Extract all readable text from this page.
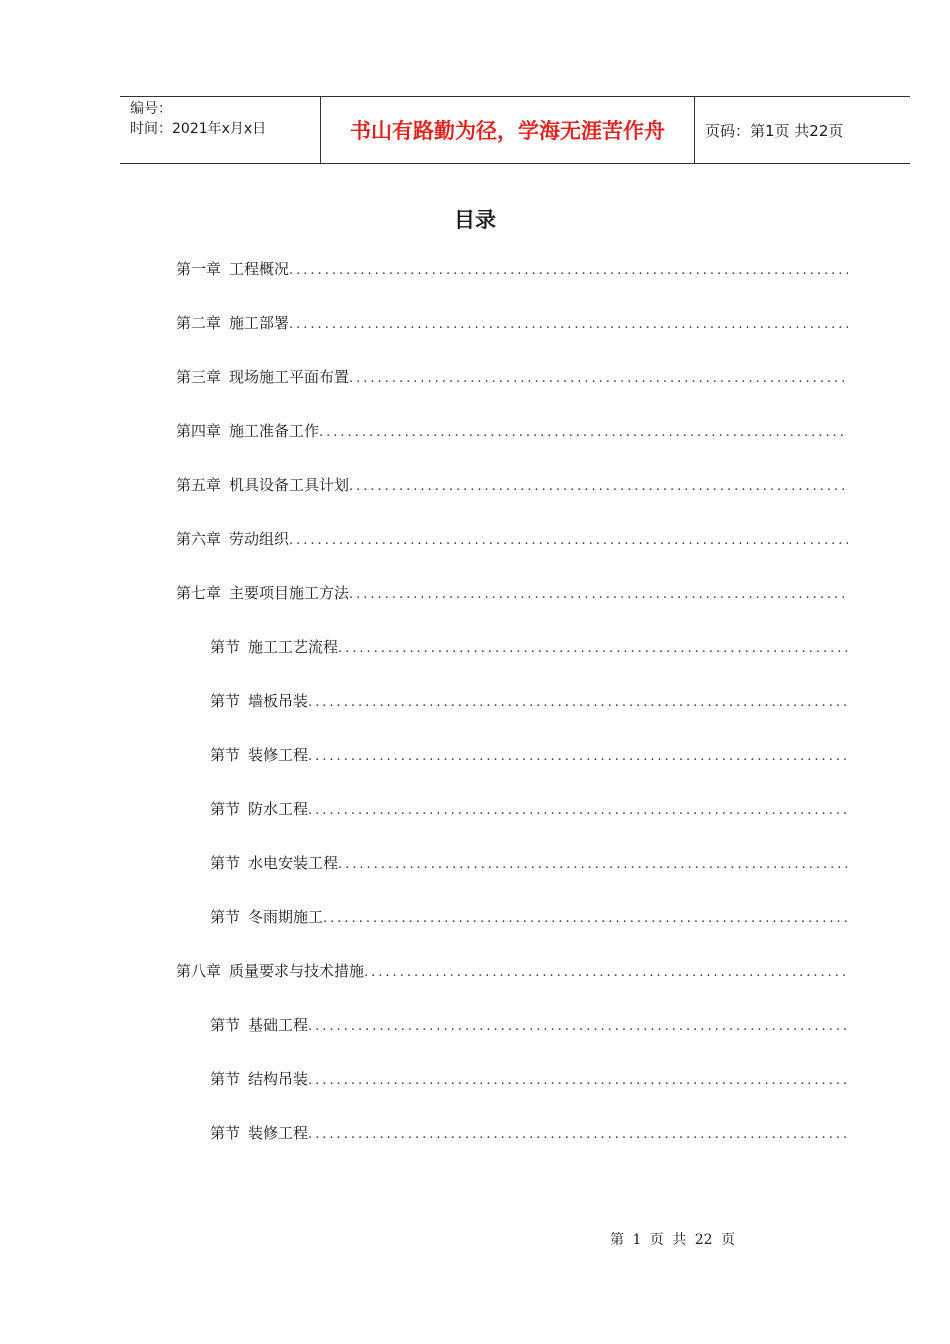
编号：
时间：2021年x月x日	书山有路勤为径，学海无涯苦作舟	页码：第1页 共22页
目录
第一章 工程概况
.....
第二章 施工部署
.....
第三章 现场施工平面布置
.....
第四章 施工准备工作
.....
第五章 机具设备工具计划
.....
第六章 劳动组织
.....
第七章 主要项目施工方法
.....
第节 施工工艺流程
.....
第节 墙板吊装
.....
第节 装修工程
.....
第节 防水工程
.....
第节 水电安装工程
.....
第节 冬雨期施工
.....
第八章 质量要求与技术措施
.....
第节 基础工程
.....
第节 结构吊装
.....
第节 装修工程
.....
第 1 页 共 22 页
